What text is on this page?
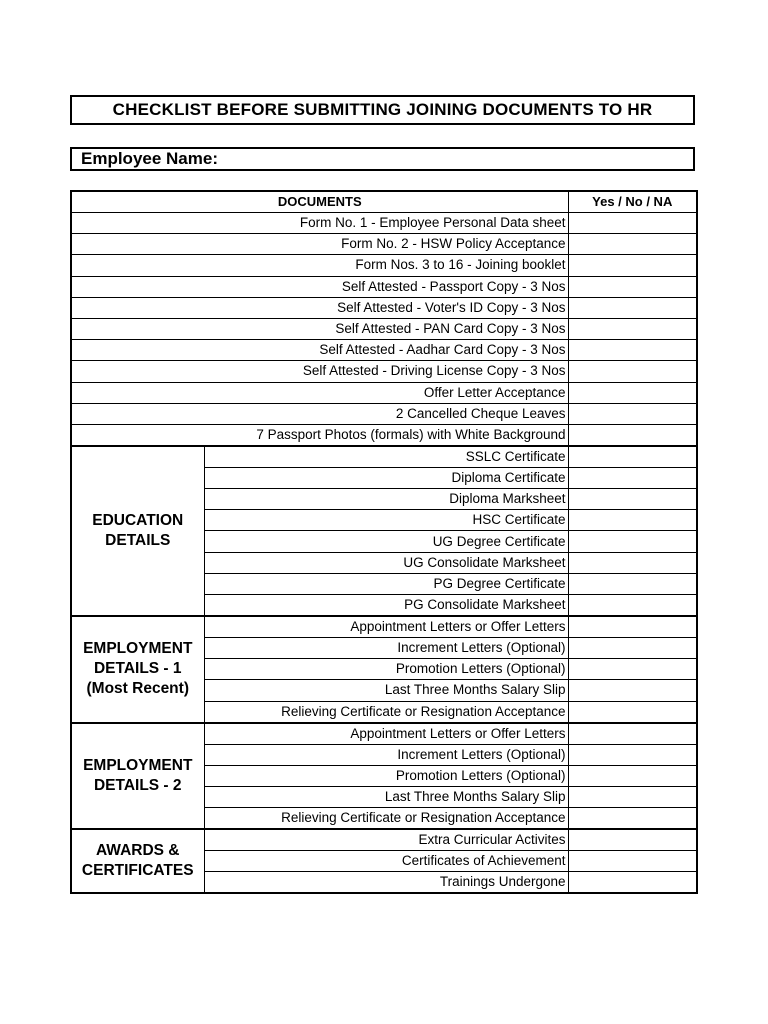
CHECKLIST BEFORE SUBMITTING JOINING DOCUMENTS TO HR
Employee Name:
DOCUMENTS		Yes / No / NA
Form No. 1 - Employee Personal Data sheet		
Form No. 2 - HSW Policy Acceptance		
Form Nos. 3 to 16 - Joining booklet		
Self Attested - Passport Copy - 3 Nos		
Self Attested - Voter's ID Copy - 3 Nos		
Self Attested - PAN Card Copy - 3 Nos		
Self Attested - Aadhar Card Copy - 3 Nos		
Self Attested - Driving License Copy - 3 Nos		
Offer Letter Acceptance		
2 Cancelled Cheque Leaves		
7 Passport Photos (formals) with White Background		

EDUCATION
DETAILS	SSLC Certificate	
	Diploma Certificate	
	Diploma Marksheet	
	HSC Certificate	
	UG Degree Certificate	
	UG Consolidate Marksheet	
	PG Degree Certificate	
	PG Consolidate Marksheet	

EMPLOYMENT
DETAILS - 1
(Most Recent)	Appointment Letters or Offer Letters	
	Increment Letters (Optional)	
	Promotion Letters (Optional)	
	Last Three Months Salary Slip	
	Relieving Certificate or Resignation Acceptance	

EMPLOYMENT
DETAILS - 2	Appointment Letters or Offer Letters	
	Increment Letters (Optional)	
	Promotion Letters (Optional)	
	Last Three Months Salary Slip	
	Relieving Certificate or Resignation Acceptance	

AWARDS &
CERTIFICATES	Extra Curricular Activites	
	Certificates of Achievement	
	Trainings Undergone	
